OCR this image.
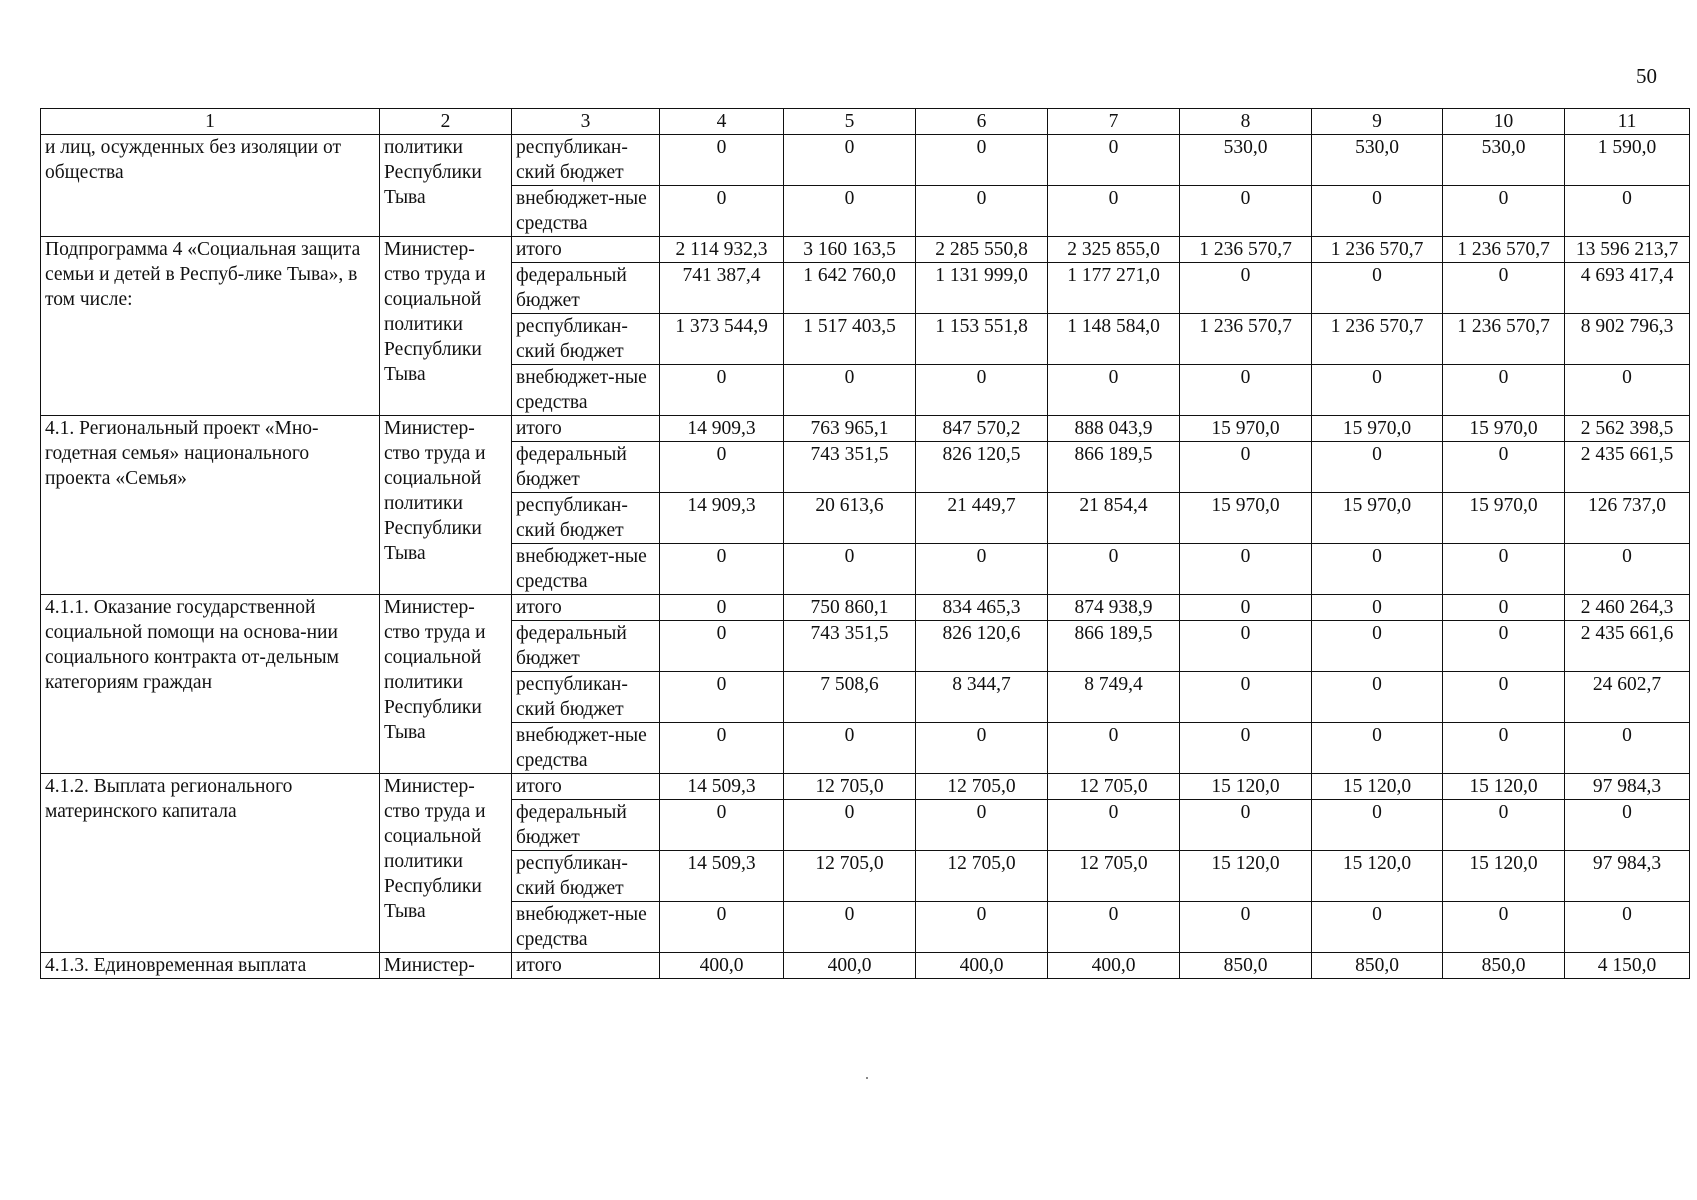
50
1	2	3	4	5	6	7	8	9	10	11
и лиц, осужденных без изоляции от общества	политики Республики Тыва	республикан-ский бюджет	0	0	0	0	530,0	530,0	530,0	1 590,0
		внебюджет-ные средства	0	0	0	0	0	0	0	0
Подпрограмма 4 «Социальная защита семьи и детей в Респуб-лике Тыва», в том числе:	Министер-ство труда и социальной политики Республики Тыва	итого	2 114 932,3	3 160 163,5	2 285 550,8	2 325 855,0	1 236 570,7	1 236 570,7	1 236 570,7	13 596 213,7
		федеральный бюджет	741 387,4	1 642 760,0	1 131 999,0	1 177 271,0	0	0	0	4 693 417,4
		республикан-ский бюджет	1 373 544,9	1 517 403,5	1 153 551,8	1 148 584,0	1 236 570,7	1 236 570,7	1 236 570,7	8 902 796,3
		внебюджет-ные средства	0	0	0	0	0	0	0	0
4.1. Региональный проект «Мно-годетная семья» национального проекта «Семья»	Министер-ство труда и социальной политики Республики Тыва	итого	14 909,3	763 965,1	847 570,2	888 043,9	15 970,0	15 970,0	15 970,0	2 562 398,5
		федеральный бюджет	0	743 351,5	826 120,5	866 189,5	0	0	0	2 435 661,5
		республикан-ский бюджет	14 909,3	20 613,6	21 449,7	21 854,4	15 970,0	15 970,0	15 970,0	126 737,0
		внебюджет-ные средства	0	0	0	0	0	0	0	0
4.1.1. Оказание государственной социальной помощи на основа-нии социального контракта от-дельным категориям граждан	Министер-ство труда и социальной политики Республики Тыва	итого	0	750 860,1	834 465,3	874 938,9	0	0	0	2 460 264,3
		федеральный бюджет	0	743 351,5	826 120,6	866 189,5	0	0	0	2 435 661,6
		республикан-ский бюджет	0	7 508,6	8 344,7	8 749,4	0	0	0	24 602,7
		внебюджет-ные средства	0	0	0	0	0	0	0	0
4.1.2. Выплата регионального материнского капитала	Министер-ство труда и социальной политики Республики Тыва	итого	14 509,3	12 705,0	12 705,0	12 705,0	15 120,0	15 120,0	15 120,0	97 984,3
		федеральный бюджет	0	0	0	0	0	0	0	0
		республикан-ский бюджет	14 509,3	12 705,0	12 705,0	12 705,0	15 120,0	15 120,0	15 120,0	97 984,3
		внебюджет-ные средства	0	0	0	0	0	0	0	0
4.1.3. Единовременная выплата	Министер-	итого	400,0	400,0	400,0	400,0	850,0	850,0	850,0	4 150,0
